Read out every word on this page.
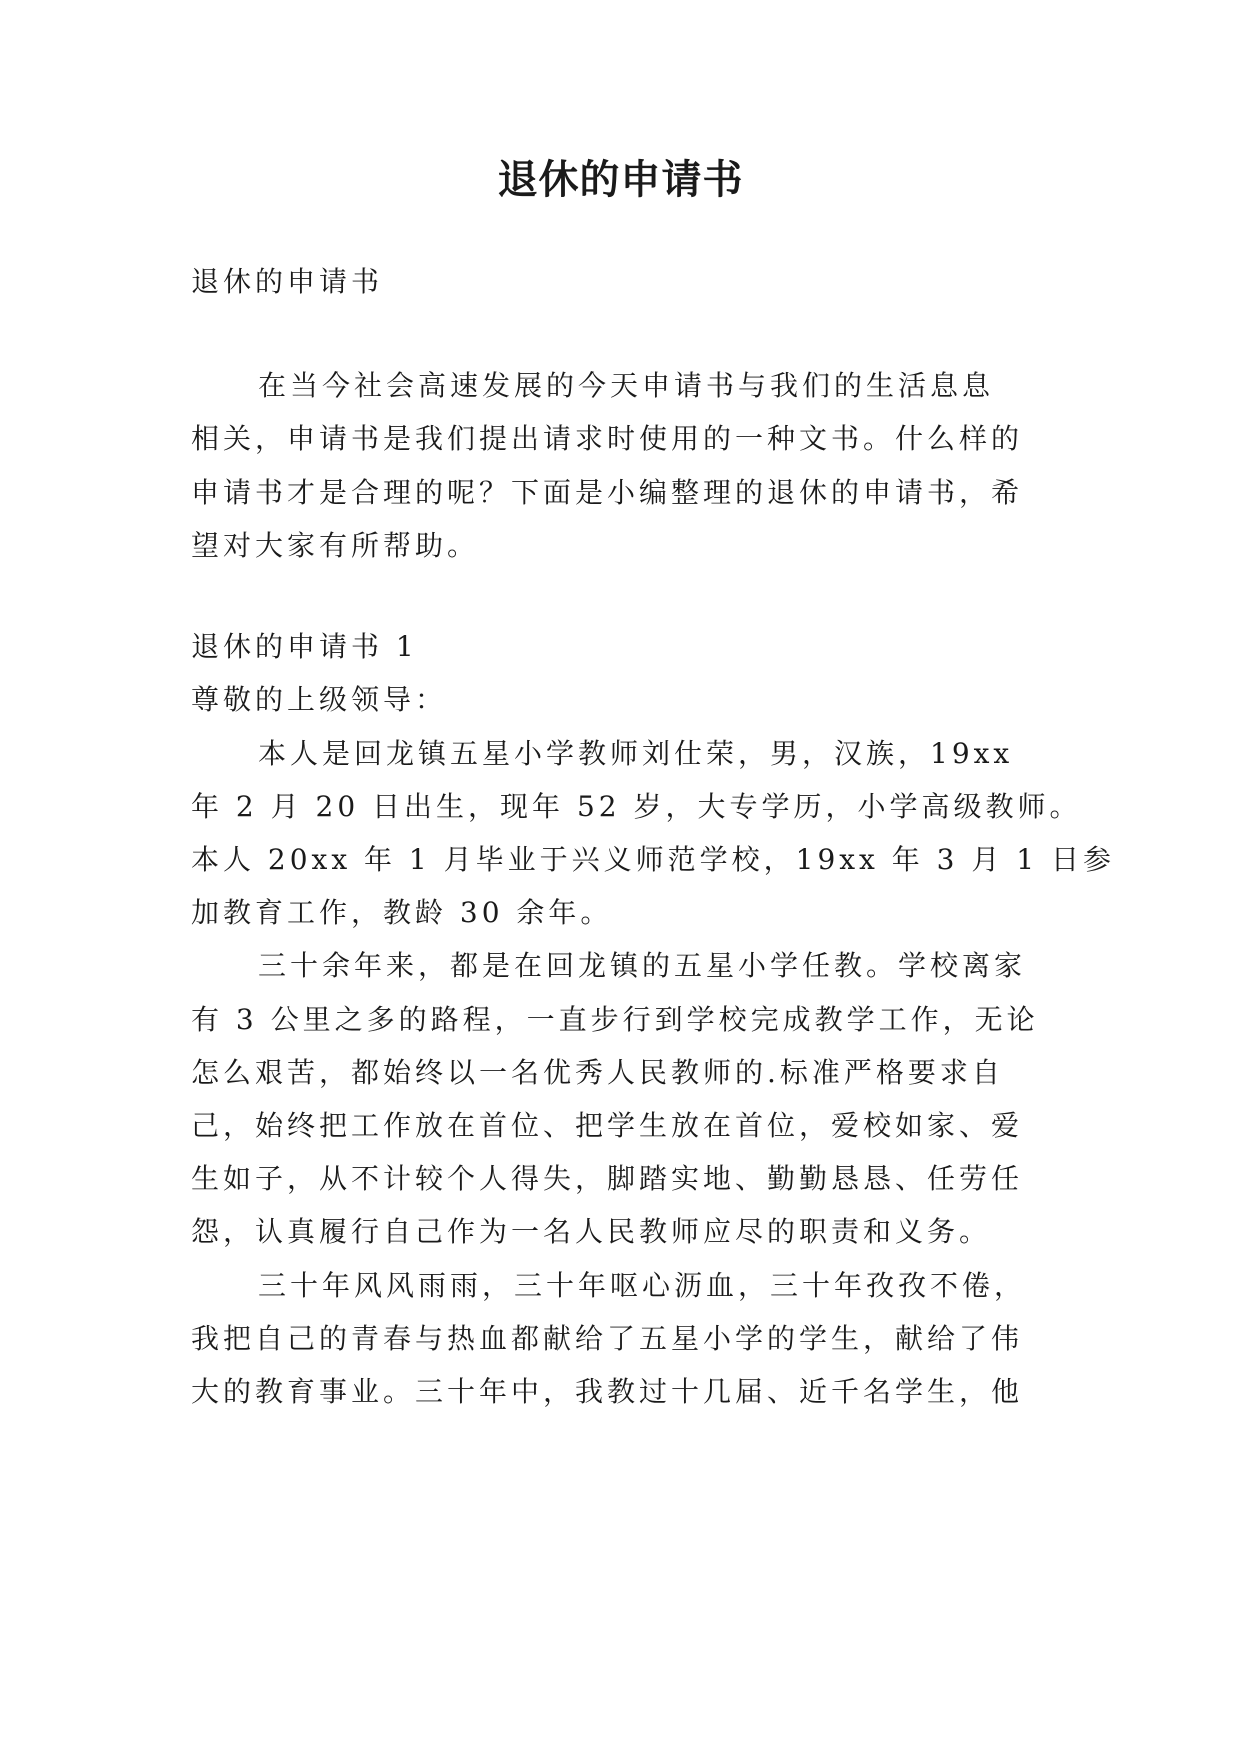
退休的申请书

退休的申请书

在当今社会高速发展的今天申请书与我们的生活息息

相关，申请书是我们提出请求时使用的一种文书。什么样的

申请书才是合理的呢？下面是小编整理的退休的申请书，希

望对大家有所帮助。

退休的申请书 1

尊敬的上级领导：

本人是回龙镇五星小学教师刘仕荣，男，汉族，19xx

年 2 月 20 日出生，现年 52 岁，大专学历，小学高级教师。

本人 20xx 年 1 月毕业于兴义师范学校，19xx 年 3 月 1 日参

加教育工作，教龄 30 余年。

三十余年来，都是在回龙镇的五星小学任教。学校离家

有 3 公里之多的路程，一直步行到学校完成教学工作，无论

怎么艰苦，都始终以一名优秀人民教师的.标准严格要求自

己，始终把工作放在首位、把学生放在首位，爱校如家、爱

生如子，从不计较个人得失，脚踏实地、勤勤恳恳、任劳任

怨，认真履行自己作为一名人民教师应尽的职责和义务。

三十年风风雨雨，三十年呕心沥血，三十年孜孜不倦，

我把自己的青春与热血都献给了五星小学的学生，献给了伟

大的教育事业。三十年中，我教过十几届、近千名学生，他
